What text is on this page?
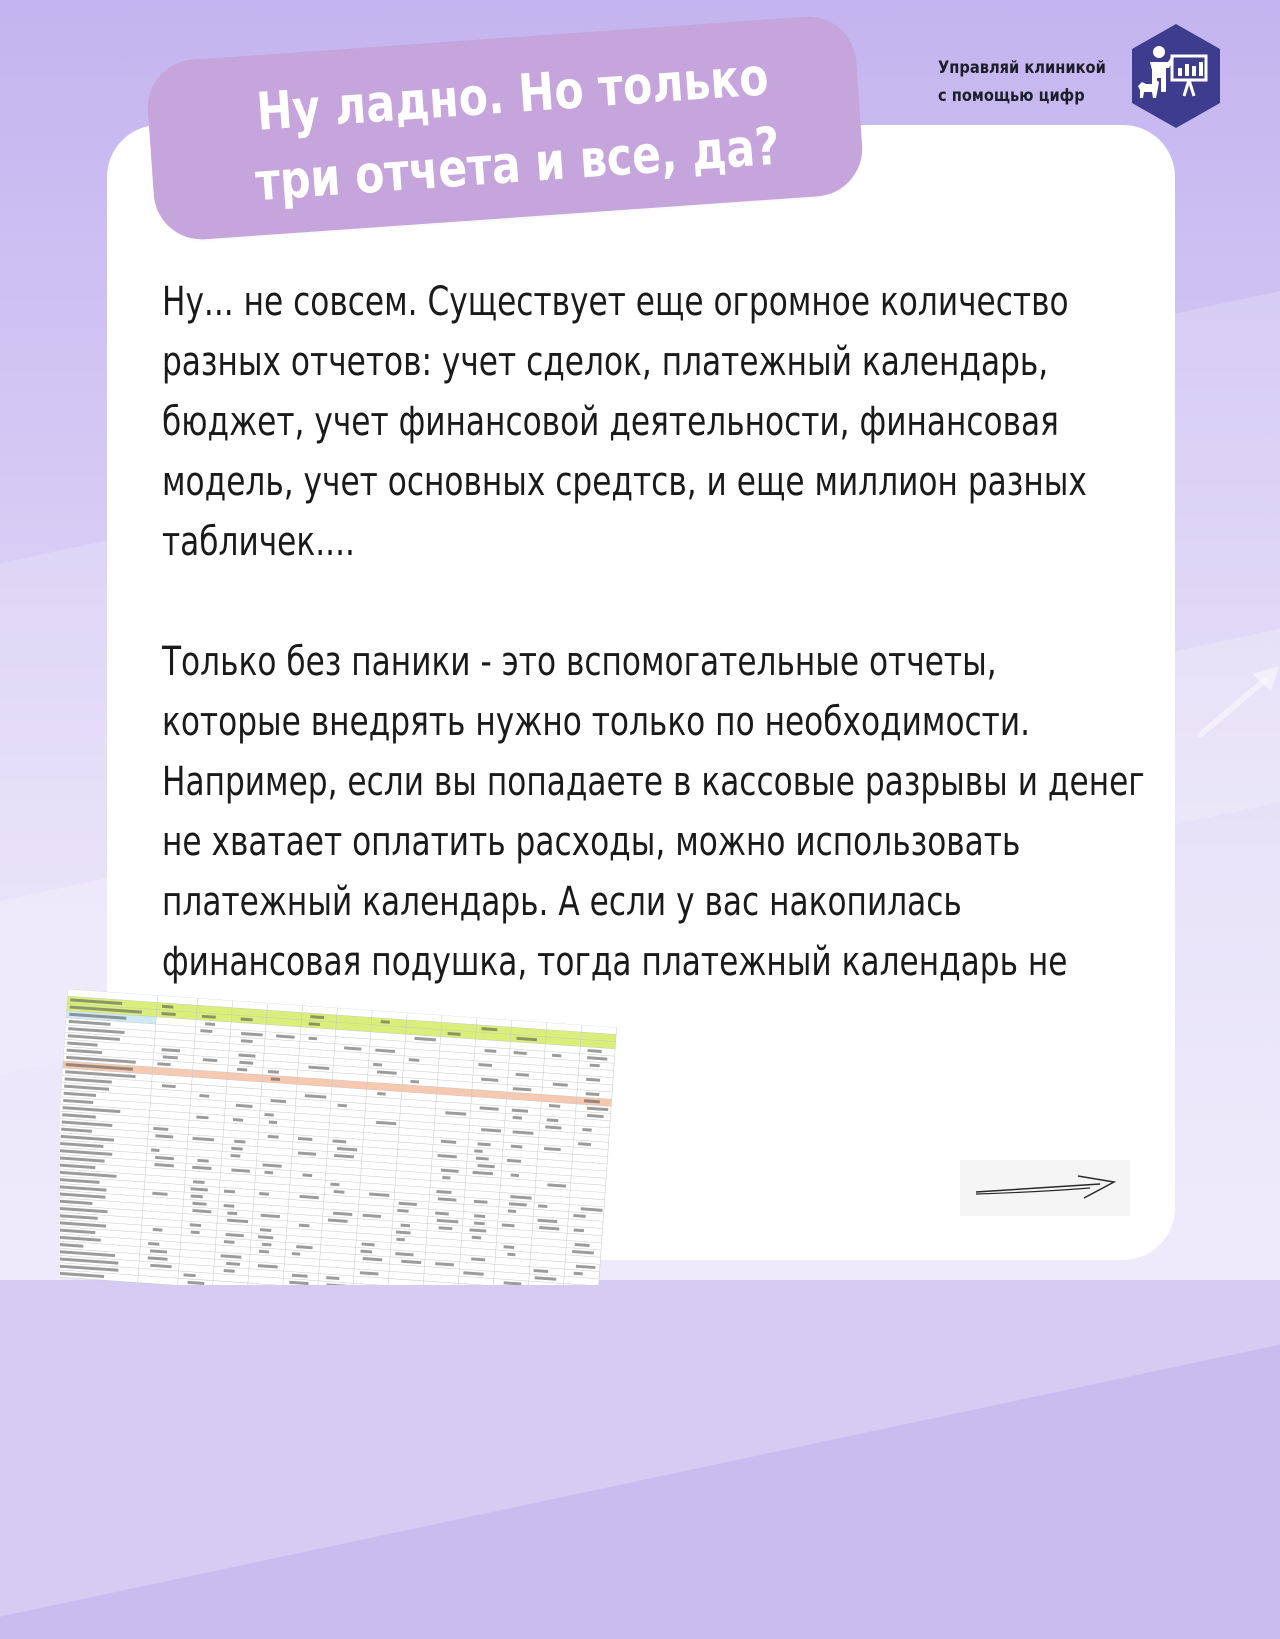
Ну ладно. Но только
три отчета и все, да?
Управляй клиникой
с помощью цифр

Ну... не совсем. Существует еще огромное количество разных отчетов: учет сделок, платежный календарь, бюджет, учет финансовой деятельности, финансовая модель, учет основных средтсв, и еще миллион разных табличек....

Только без паники - это вспомогательные отчеты, которые внедрять нужно только по необходимости. Например, если вы попадаете в кассовые разрывы и денег не хватает оплатить расходы, можно использовать платежный календарь. А если у вас накопилась финансовая подушка, тогда платежный календарь не
